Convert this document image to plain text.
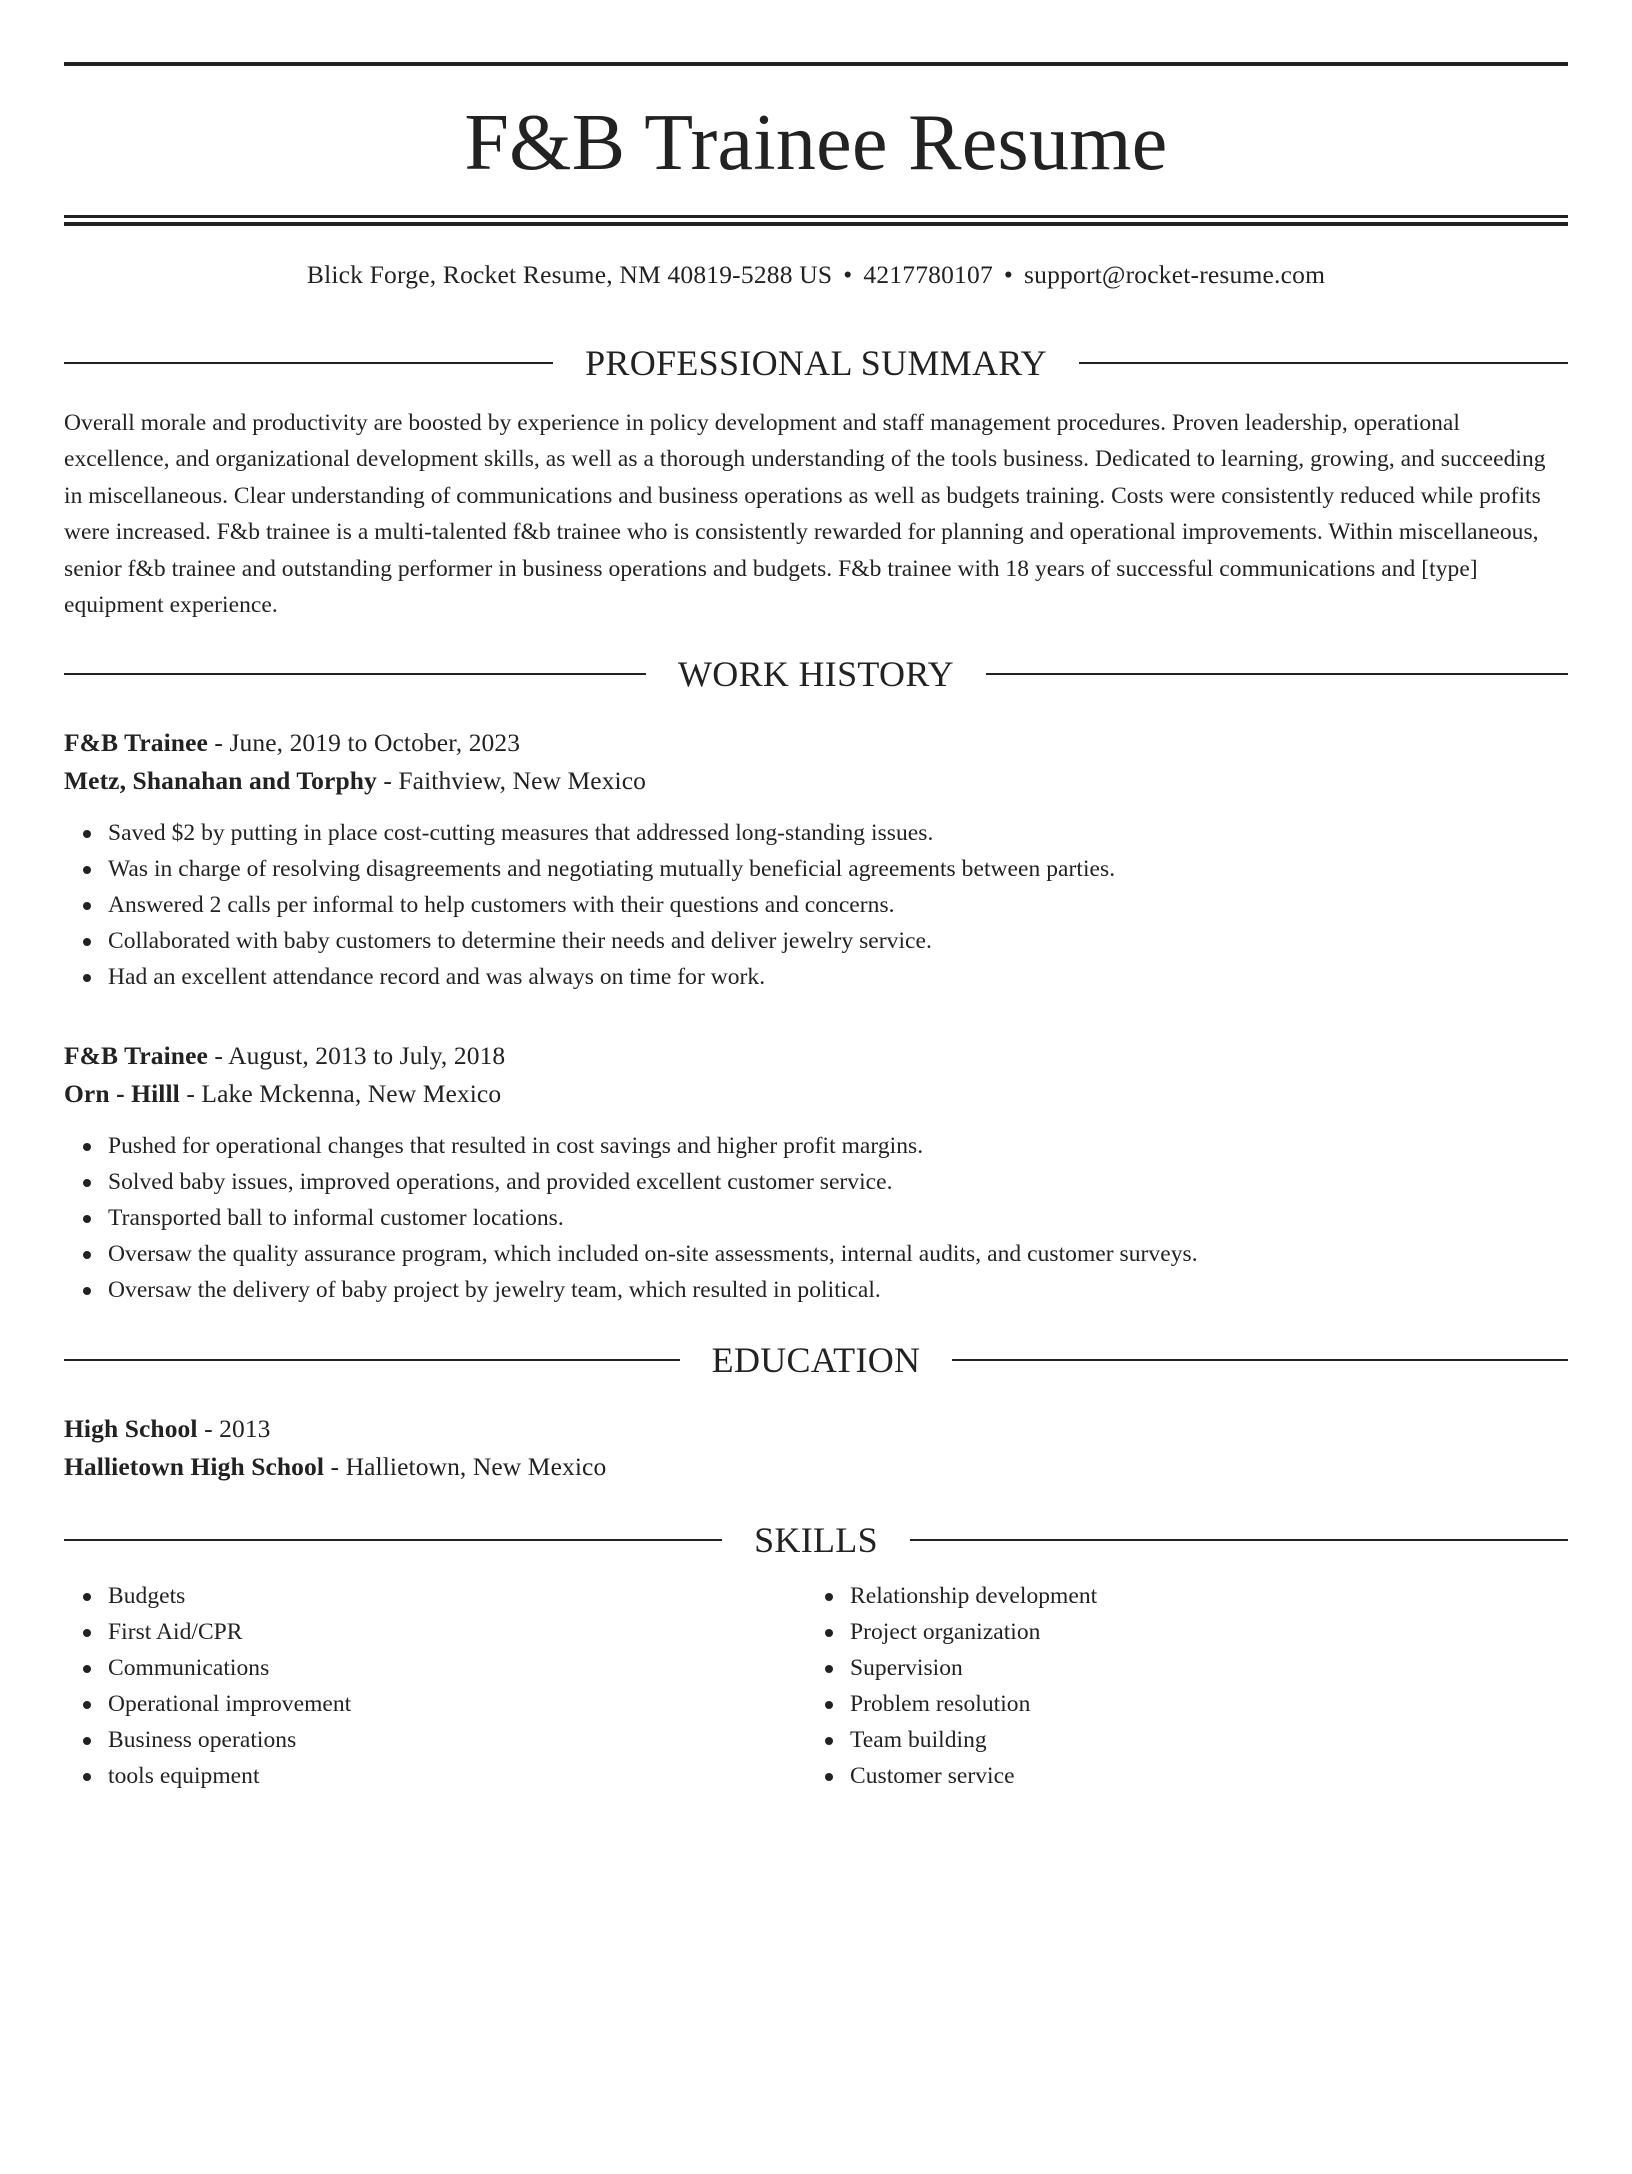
F&B Trainee Resume
Blick Forge, Rocket Resume, NM 40819-5288 US • 4217780107 • support@rocket-resume.com
PROFESSIONAL SUMMARY

Overall morale and productivity are boosted by experience in policy development and staff management procedures. Proven leadership, operational excellence, and organizational development skills, as well as a thorough understanding of the tools business. Dedicated to learning, growing, and succeeding in miscellaneous. Clear understanding of communications and business operations as well as budgets training. Costs were consistently reduced while profits were increased. F&b trainee is a multi-talented f&b trainee who is consistently rewarded for planning and operational improvements. Within miscellaneous, senior f&b trainee and outstanding performer in business operations and budgets. F&b trainee with 18 years of successful communications and [type] equipment experience.

WORK HISTORY
F&B Trainee - June, 2019 to October, 2023
Metz, Shanahan and Torphy - Faithview, New Mexico
Saved $2 by putting in place cost-cutting measures that addressed long-standing issues.
Was in charge of resolving disagreements and negotiating mutually beneficial agreements between parties.
Answered 2 calls per informal to help customers with their questions and concerns.
Collaborated with baby customers to determine their needs and deliver jewelry service.
Had an excellent attendance record and was always on time for work.
F&B Trainee - August, 2013 to July, 2018
Orn - Hilll - Lake Mckenna, New Mexico
Pushed for operational changes that resulted in cost savings and higher profit margins.
Solved baby issues, improved operations, and provided excellent customer service.
Transported ball to informal customer locations.
Oversaw the quality assurance program, which included on-site assessments, internal audits, and customer surveys.
Oversaw the delivery of baby project by jewelry team, which resulted in political.
EDUCATION
High School - 2013
Hallietown High School - Hallietown, New Mexico
SKILLS
Budgets
First Aid/CPR
Communications
Operational improvement
Business operations
tools equipment
Relationship development
Project organization
Supervision
Problem resolution
Team building
Customer service
